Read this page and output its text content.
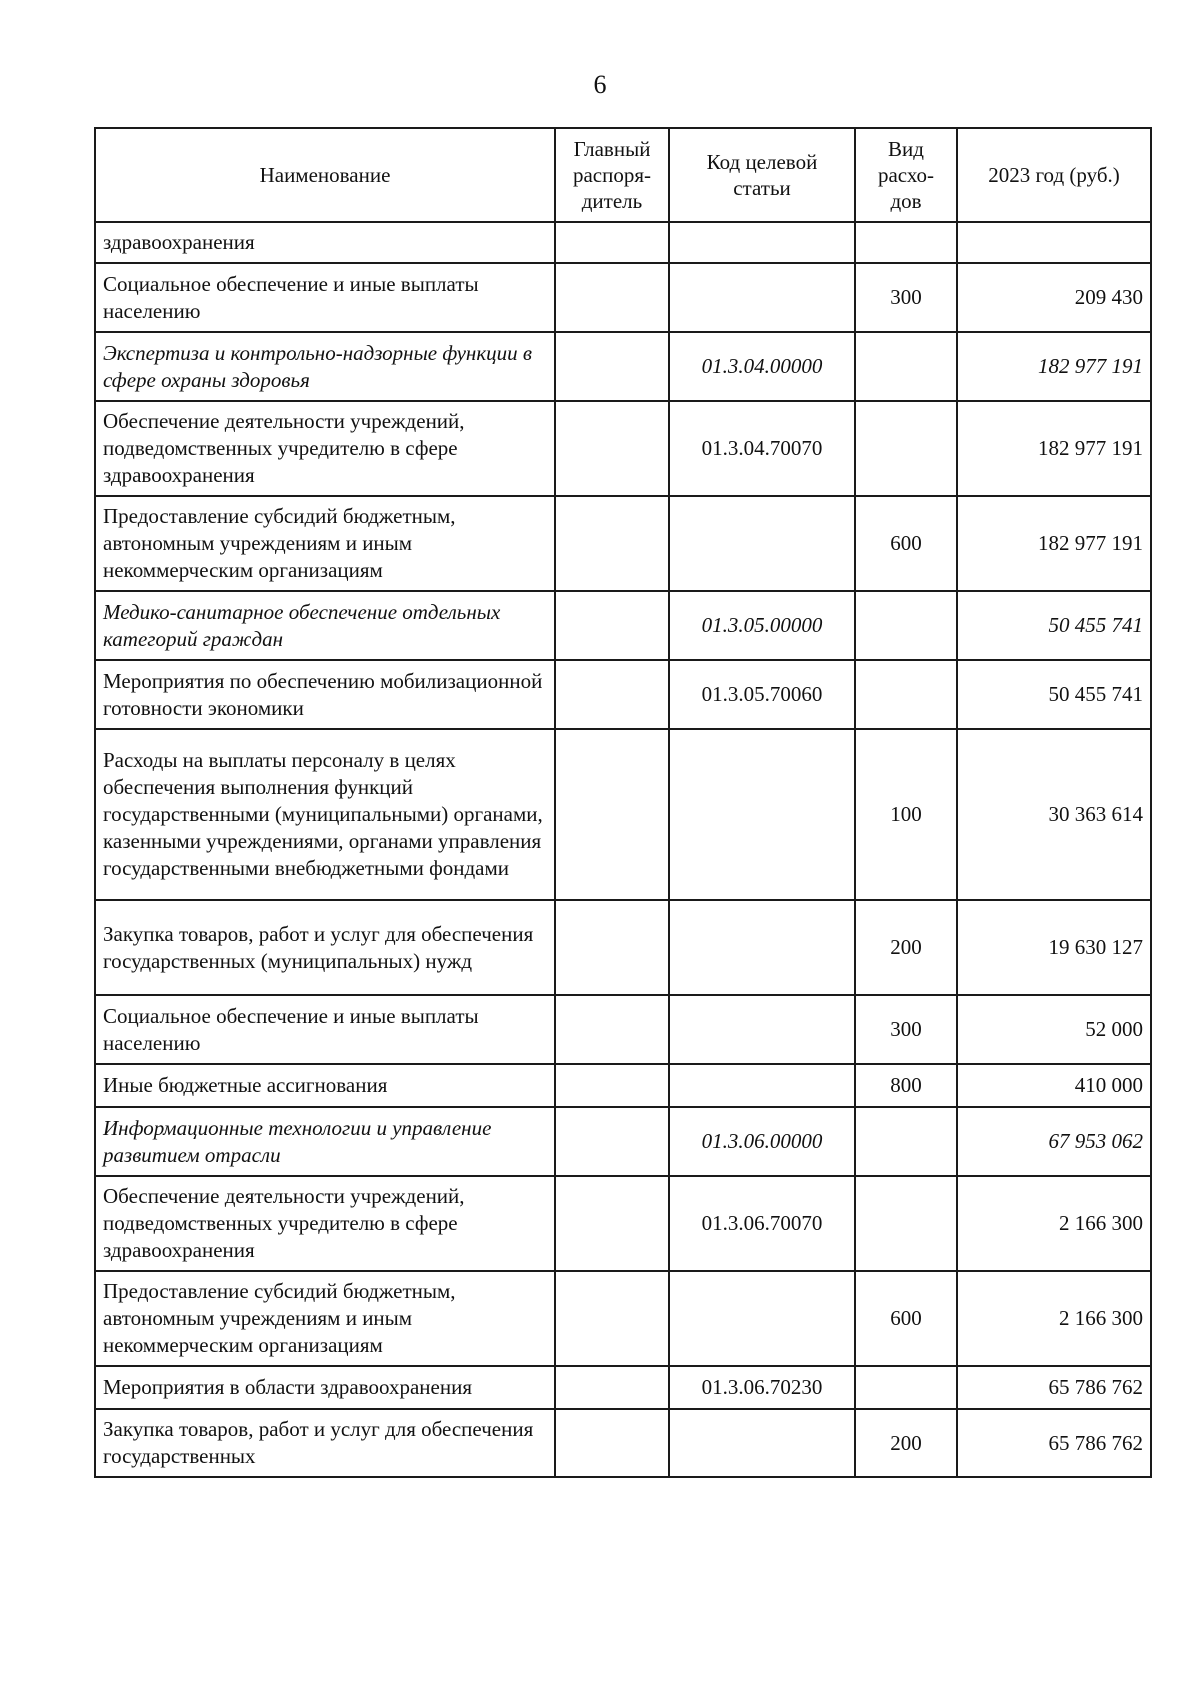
6
Наименование	Главный распоря-дитель	Код целевой статьи	Вид расхо-дов	2023 год (руб.)
здравоохранения				
Социальное обеспечение и иные выплаты населению			300	209 430
Экспертиза и контрольно-надзорные функции в сфере охраны здоровья		01.3.04.00000		182 977 191
Обеспечение деятельности учреждений, подведомственных учредителю в сфере здравоохранения		01.3.04.70070		182 977 191
Предоставление субсидий бюджетным, автономным учреждениям и иным некоммерческим организациям			600	182 977 191
Медико-санитарное обеспечение отдельных категорий граждан		01.3.05.00000		50 455 741
Мероприятия по обеспечению мобилизационной готовности экономики		01.3.05.70060		50 455 741
Расходы на выплаты персоналу в целях обеспечения выполнения функций государственными (муниципальными) органами, казенными учреждениями, органами управления государственными внебюджетными фондами			100	30 363 614
Закупка товаров, работ и услуг для обеспечения государственных (муниципальных) нужд			200	19 630 127
Социальное обеспечение и иные выплаты населению			300	52 000
Иные бюджетные ассигнования			800	410 000
Информационные технологии и управление развитием отрасли		01.3.06.00000		67 953 062
Обеспечение деятельности учреждений, подведомственных учредителю в сфере здравоохранения		01.3.06.70070		2 166 300
Предоставление субсидий бюджетным, автономным учреждениям и иным некоммерческим организациям			600	2 166 300
Мероприятия в области здравоохранения		01.3.06.70230		65 786 762
Закупка товаров, работ и услуг для обеспечения государственных			200	65 786 762
